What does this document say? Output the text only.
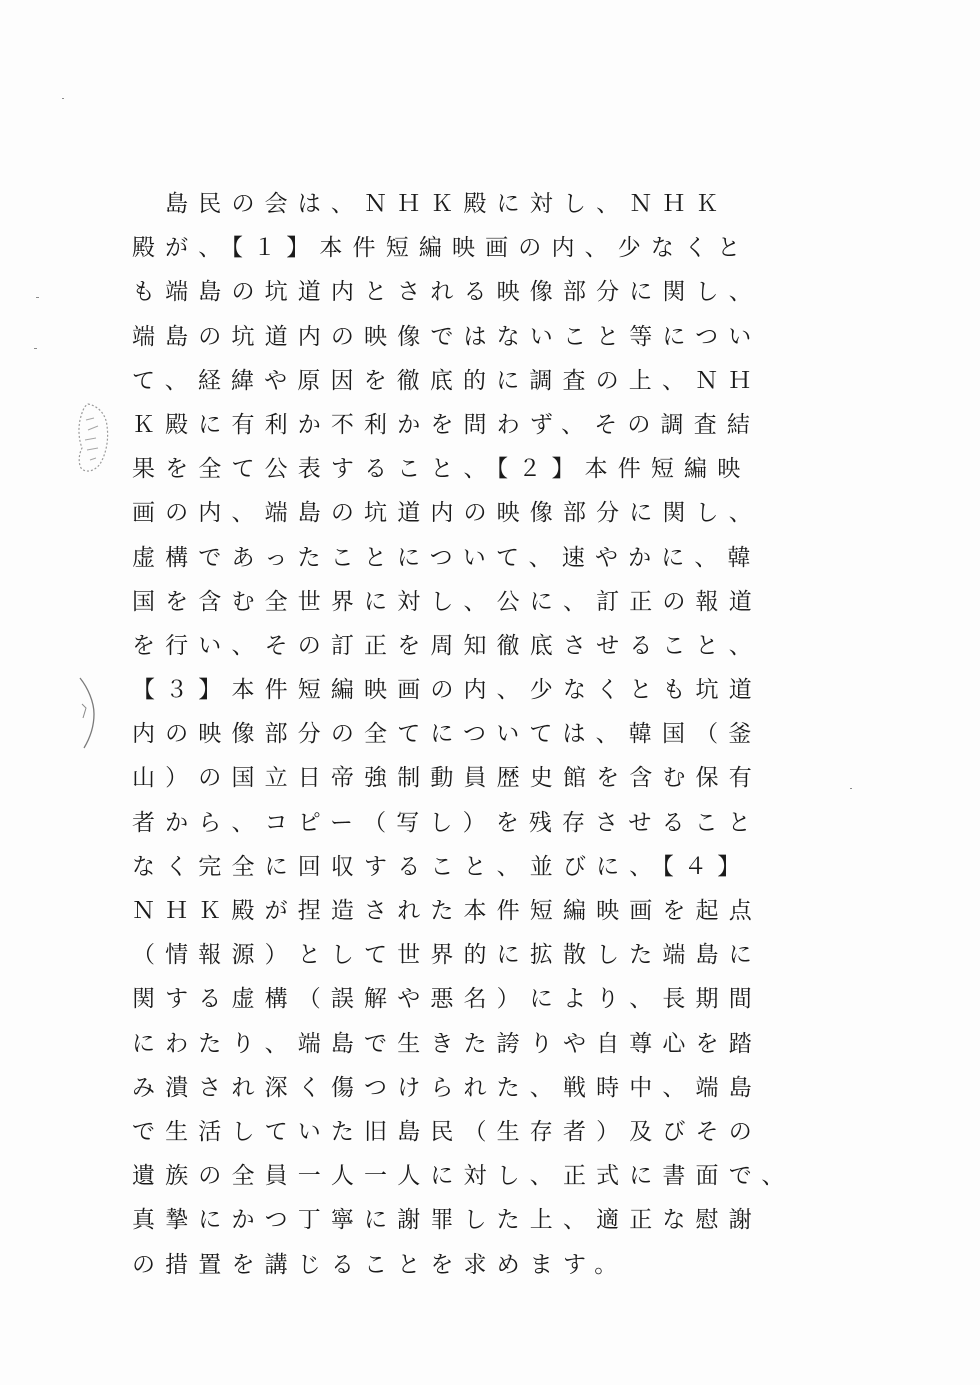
　島民の会は、ＮＨＫ殿に対し、ＮＨＫ
殿が、【１】本件短編映画の内、少なくと
も端島の坑道内とされる映像部分に関し、
端島の坑道内の映像ではないこと等につい
て、経緯や原因を徹底的に調査の上、ＮＨ
Ｋ殿に有利か不利かを問わず、その調査結
果を全て公表すること、【２】本件短編映
画の内、端島の坑道内の映像部分に関し、
虚構であったことについて、速やかに、韓
国を含む全世界に対し、公に、訂正の報道
を行い、その訂正を周知徹底させること、
【３】本件短編映画の内、少なくとも坑道
内の映像部分の全てについては、韓国（釜
山）の国立日帝強制動員歴史館を含む保有
者から、コピー（写し）を残存させること
なく完全に回収すること、並びに、【４】
ＮＨＫ殿が捏造された本件短編映画を起点
（情報源）として世界的に拡散した端島に
関する虚構（誤解や悪名）により、長期間
にわたり、端島で生きた誇りや自尊心を踏
み潰され深く傷つけられた、戦時中、端島
で生活していた旧島民（生存者）及びその
遺族の全員一人一人に対し、正式に書面で、
真摯にかつ丁寧に謝罪した上、適正な慰謝
の措置を講じることを求めます。
